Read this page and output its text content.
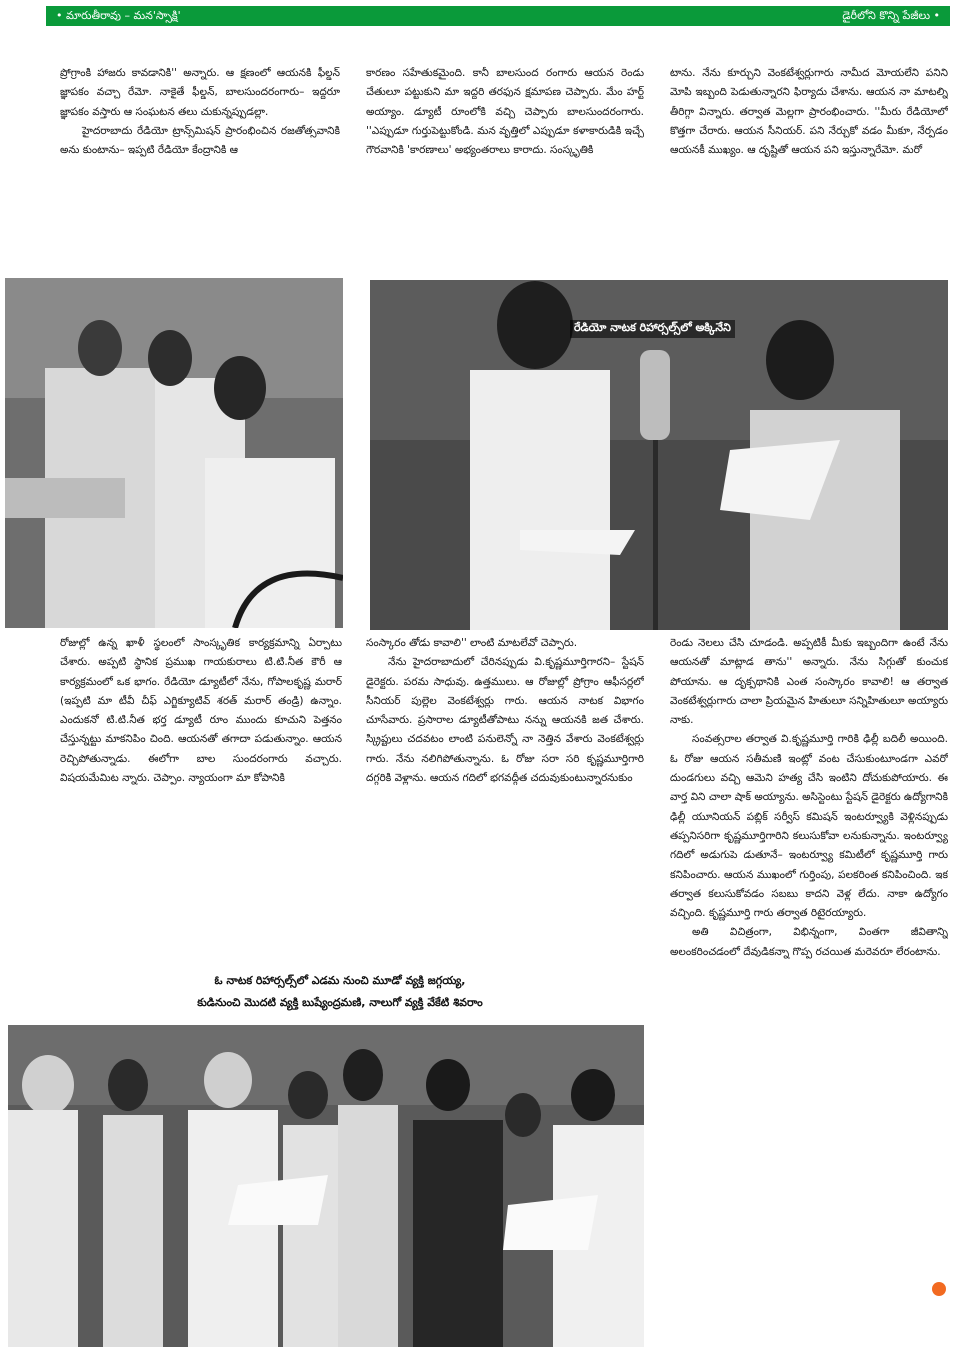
• మారుతీరావు – మన'స్సాక్షి'	డైరీలోని కొన్ని పేజీలు •

ప్రోగ్రాంకి హాజరు కావడానికి'' అన్నారు. ఆ క్షణంలో ఆయనకి ఫీల్డన్ జ్ఞాపకం వచ్చా రేమో. నాకైతే ఫీల్డన్, బాలసుందరంగారు– ఇద్దరూ జ్ఞాపకం వస్తారు ఆ సంఘటన తలు చుకున్నప్పుడల్లా.

హైదరాబాదు రేడియో ట్రాన్స్‌మిషన్ ప్రారంభించిన రజతోత్సవానికి అను కుంటాను– ఇప్పటి రేడియో కేంద్రానికి ఆ

కారణం సహేతుకమైంది. కానీ బాలసుంద రంగారు ఆయన రెండు చేతులూ పట్టుకుని మా ఇద్దరి తరఫున క్షమాపణ చెప్పారు. మేం హర్ట్ అయ్యాం. డ్యూటీ రూంలోకి వచ్చి చెప్పారు బాలసుందరంగారు. ''ఎప్పుడూ గుర్తుపెట్టుకోండి. మన వృత్తిలో ఎప్పుడూ కళాకారుడికి ఇచ్చే గౌరవానికి 'కారణాలు' అభ్యంతరాలు కారాదు. సంస్కృతికి

టాను. నేను కూర్చుని వెంకటేశ్వర్లుగారు నామీద మోయలేని పనిని మోపి ఇబ్బంది పెడుతున్నారని ఫిర్యాదు చేశాను. ఆయన నా మాటల్ని తీరిగ్గా విన్నారు. తర్వాత మెల్లగా ప్రారంభించారు. ''మీరు రేడియోలో కొత్తగా చేరారు. ఆయన సీనియర్. పని నేర్చుకో వడం మీకూ, నేర్పడం ఆయనకీ ముఖ్యం. ఆ దృష్టితో ఆయన పని ఇస్తున్నారేమో. మరో

రేడియో నాటక రిహార్సల్స్‌లో అక్కినేని

రోజుల్లో ఉన్న ఖాళీ స్థలంలో సాంస్కృతిక కార్యక్రమాన్ని ఏర్పాటు చేశారు. అప్పటి స్థానిక ప్రముఖ గాయకురాలు టి.టి.నీత కౌరీ ఆ కార్యక్రమంలో ఒక భాగం. రేడియో డ్యూటీలో నేను, గోపాలకృష్ణ మరార్ (ఇప్పటి మా టీవీ చీఫ్ ఎగ్జిక్యూటివ్ శరత్ మరార్ తండ్రి) ఉన్నాం. ఎందుకనో టి.టి.నీత భర్త డ్యూటీ రూం ముందు కూచుని పెత్తనం చేస్తున్నట్టు మాకనిపిం చింది. ఆయనతో తగాదా పడుతున్నాం. ఆయన రెచ్చిపోతున్నాడు. ఈలోగా బాల సుందరంగారు వచ్చారు. విషయమేమిట న్నారు. చెప్పాం. న్యాయంగా మా కోపానికి

సంస్కారం తోడు కావాలి'' లాంటి మాటలేవో చెప్పారు.

నేను హైదరాబాదులో చేరినప్పుడు వి.కృష్ణమూర్తిగారని– స్టేషన్ డైరెక్టరు. పరమ సాధువు. ఉత్తములు. ఆ రోజుల్లో ప్రోగ్రాం ఆఫీసర్లలో సీనియర్ పుల్లెల వెంకటేశ్వర్లు గారు. ఆయన నాటక విభాగం చూసేవారు. ప్రసారాల డ్యూటీతోపాటు నన్ను ఆయనకి జత చేశారు. స్క్రిప్టులు చదవటం లాంటి పనులెన్నో నా నెత్తిన వేశారు వెంకటేశ్వర్లు గారు. నేను నలిగిపోతున్నాను. ఓ రోజు సరా సరి కృష్ణమూర్తిగారి దగ్గరికి వెళ్లాను. ఆయన గదిలో భగవద్గీత చదువుకుంటున్నారనుకుం

రెండు నెలలు చేసి చూడండి. అప్పటికీ మీకు ఇబ్బందిగా ఉంటే నేను ఆయనతో మాట్లాడ తాను'' అన్నారు. నేను సిగ్గుతో కుంచుక పోయాను. ఆ దృక్పథానికి ఎంత సంస్కారం కావాలి! ఆ తర్వాత వెంకటేశ్వర్లుగారు చాలా ప్రియమైన హితులూ సన్నిహితులూ అయ్యారు నాకు.

సంవత్సరాల తర్వాత వి.కృష్ణమూర్తి గారికి ఢిల్లీ బదిలీ అయింది. ఓ రోజు ఆయన సతీమణి ఇంట్లో వంట చేసుకుంటూండగా ఎవరో దుండగులు వచ్చి ఆమెని హత్య చేసి ఇంటిని దోచుకుపోయారు. ఈ వార్త విని చాలా షాక్ అయ్యాను. అసిస్టెంటు స్టేషన్ డైరెక్టరు ఉద్యోగానికి ఢిల్లీ యూనియన్ పబ్లిక్ సర్వీస్ కమిషన్ ఇంటర్వ్యూకి వెళ్లినప్పుడు తప్పనిసరిగా కృష్ణమూర్తిగారిని కలుసుకోవా లనుకున్నాను. ఇంటర్వ్యూ గదిలో అడుగుపె డుతూనే– ఇంటర్వ్యూ కమిటీలో కృష్ణమూర్తి గారు కనిపించారు. ఆయన ముఖంలో గుర్తింపు, పలకరింత కనిపించింది. ఇక తర్వాత కలుసుకోవడం సబబు కాదని వెళ్ల లేదు. నాకా ఉద్యోగం వచ్చింది. కృష్ణమూర్తి గారు తర్వాత రిటైరయ్యారు.

అతి విచిత్రంగా, విభిన్నంగా, వింతగా జీవితాన్ని అలంకరించడంలో దేవుడికన్నా గొప్ప రచయిత మరెవరూ లేరంటాను.

ఓ నాటక రిహార్సల్స్‌లో ఎడమ నుంచి మూడో వ్యక్తి జగ్గయ్య,
కుడినుంచి మొదటి వ్యక్తి బుష్యేంద్రమణి, నాలుగో వ్యక్తి వేకేటి శివరాం
